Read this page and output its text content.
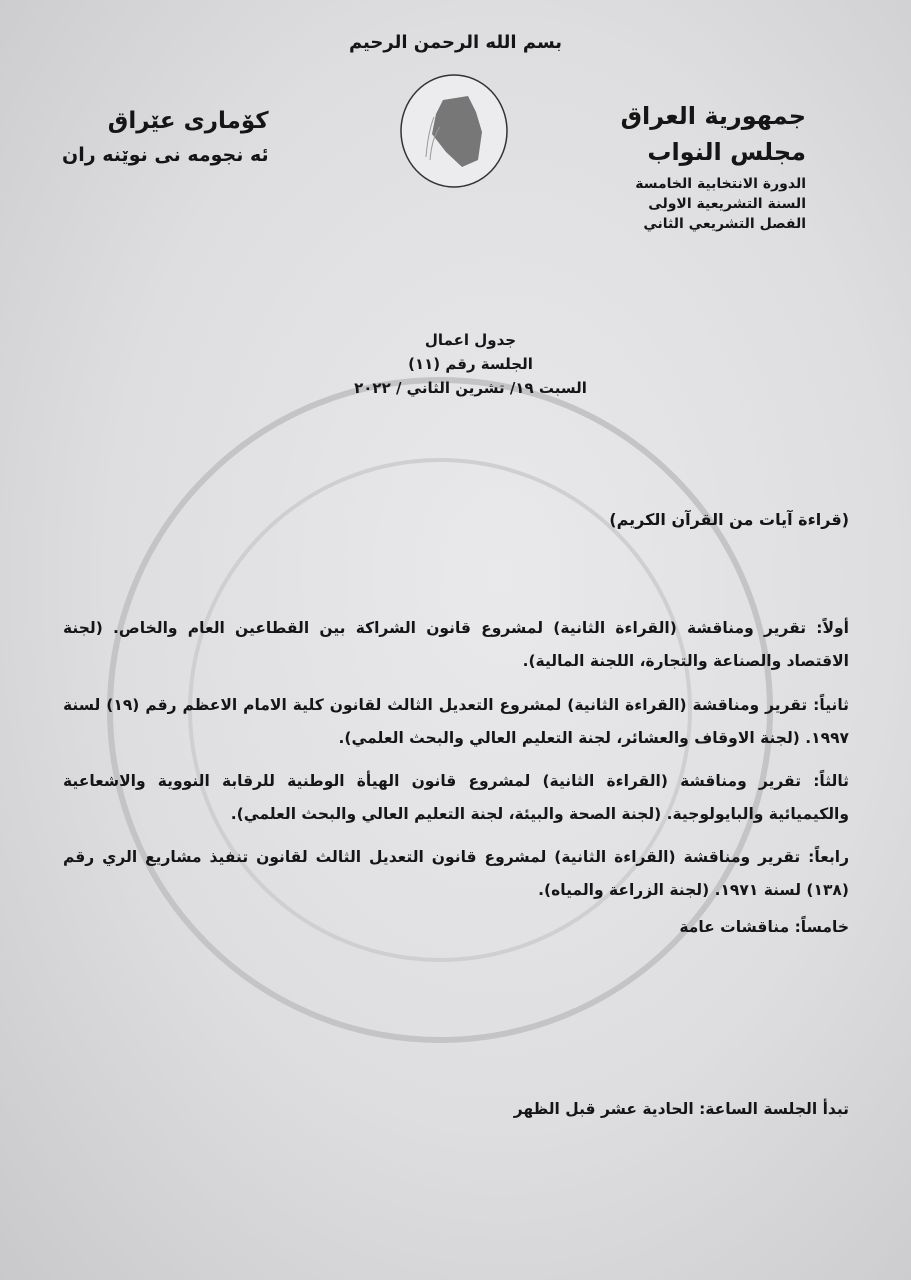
بسم الله الرحمن الرحيم
جمهورية العراق
مجلس النواب
الدورة الانتخابية الخامسة
السنة التشريعية الاولى
الفصل التشريعي الثاني
كۆماری عێراق
ئه نجومه نی نوێنه ران
جدول اعمال
الجلسة رقم (١١)
السبت ١٩/ تشرين الثاني / ٢٠٢٢
(قراءة آيات من القرآن الكريم)
أولاً: تقرير ومناقشة (القراءة الثانية) لمشروع قانون الشراكة بين القطاعين العام والخاص. (لجنة الاقتصاد والصناعة والتجارة، اللجنة المالية).
ثانياً: تقرير ومناقشة (القراءة الثانية) لمشروع التعديل الثالث لقانون كلية الامام الاعظم رقم (١٩) لسنة ١٩٩٧. (لجنة الاوقاف والعشائر، لجنة التعليم العالي والبحث العلمي).
ثالثاً: تقرير ومناقشة (القراءة الثانية) لمشروع قانون الهيأة الوطنية للرقابة النووية والاشعاعية والكيميائية والبايولوجية. (لجنة الصحة والبيئة، لجنة التعليم العالي والبحث العلمي).
رابعاً: تقرير ومناقشة (القراءة الثانية) لمشروع قانون التعديل الثالث لقانون تنفيذ مشاريع الري رقم (١٣٨) لسنة ١٩٧١. (لجنة الزراعة والمياه).
خامساً: مناقشات عامة
تبدأ الجلسة الساعة: الحادية عشر قبل الظهر
